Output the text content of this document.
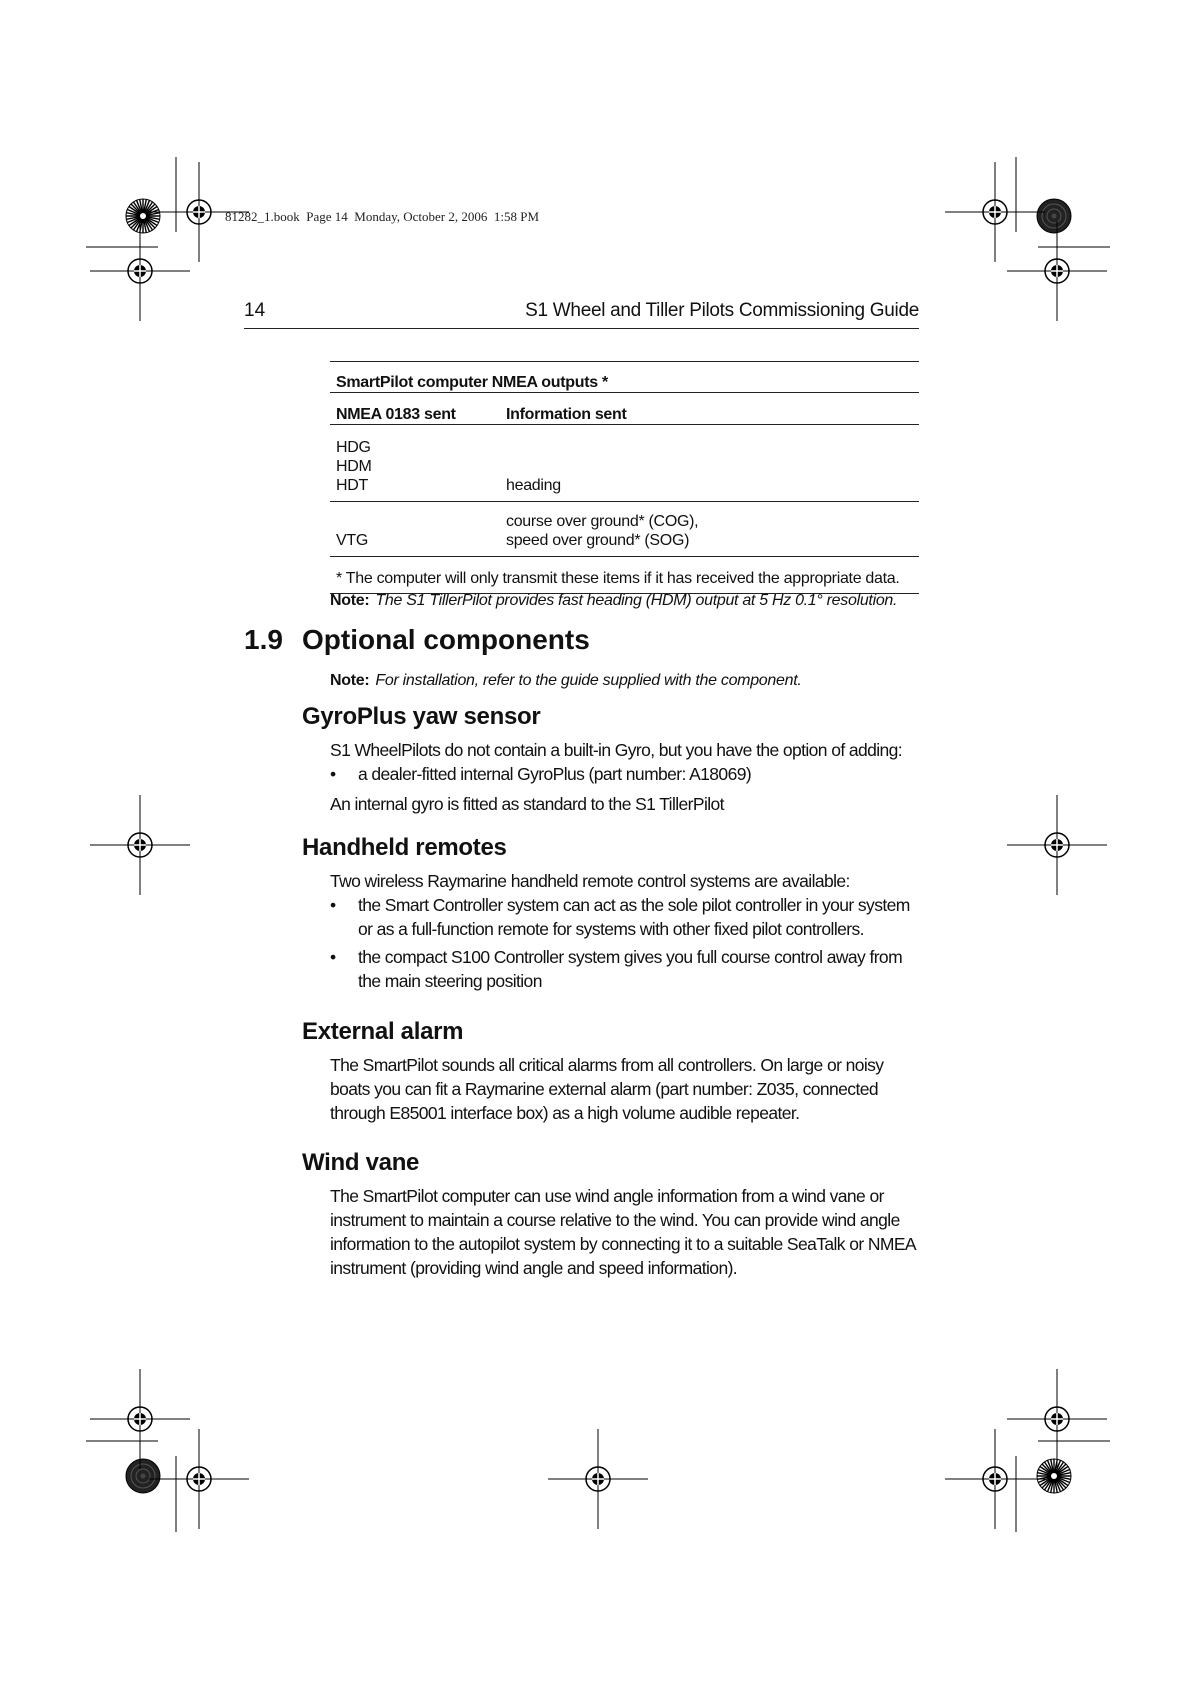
81282_1.book  Page 14  Monday, October 2, 2006  1:58 PM
14	S1 Wheel and Tiller Pilots Commissioning Guide
SmartPilot computer NMEA outputs *	
NMEA 0183 sent	Information sent

HDG
HDM
HDT	heading

VTG	course over ground* (COG),
speed over ground* (SOG)

* The computer will only transmit these items if it has received the appropriate data.	
Note: The S1 TillerPilot provides fast heading (HDM) output at 5 Hz 0.1° resolution.
1.9 Optional components
Note: For installation, refer to the guide supplied with the component.
GyroPlus yaw sensor

S1 WheelPilots do not contain a built-in Gyro, but you have the option of adding:

• a dealer-fitted internal GyroPlus (part number: A18069)

An internal gyro is fitted as standard to the S1 TillerPilot

Handheld remotes

Two wireless Raymarine handheld remote control systems are available:

• the Smart Controller system can act as the sole pilot controller in your system or as a full-function remote for systems with other fixed pilot controllers.
• the compact S100 Controller system gives you full course control away from the main steering position
External alarm

The SmartPilot sounds all critical alarms from all controllers. On large or noisy boats you can fit a Raymarine external alarm (part number: Z035, connected through E85001 interface box) as a high volume audible repeater.

Wind vane

The SmartPilot computer can use wind angle information from a wind vane or instrument to maintain a course relative to the wind. You can provide wind angle information to the autopilot system by connecting it to a suitable SeaTalk or NMEA instrument (providing wind angle and speed information).
